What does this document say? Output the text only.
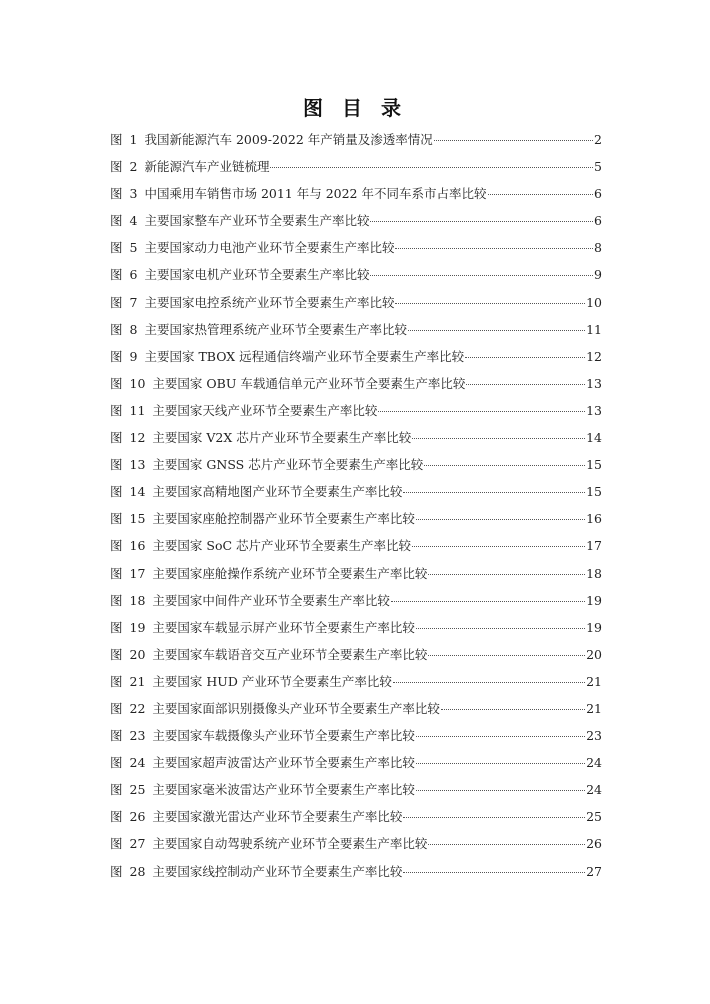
图 目 录
图 1 我国新能源汽车 2009-2022 年产销量及渗透率情况	2
图 2 新能源汽车产业链梳理	5
图 3 中国乘用车销售市场 2011 年与 2022 年不同车系市占率比较	6
图 4 主要国家整车产业环节全要素生产率比较	6
图 5 主要国家动力电池产业环节全要素生产率比较	8
图 6 主要国家电机产业环节全要素生产率比较	9
图 7 主要国家电控系统产业环节全要素生产率比较	10
图 8 主要国家热管理系统产业环节全要素生产率比较	11
图 9 主要国家 TBOX 远程通信终端产业环节全要素生产率比较	12
图 10 主要国家 OBU 车载通信单元产业环节全要素生产率比较	13
图 11 主要国家天线产业环节全要素生产率比较	13
图 12 主要国家 V2X 芯片产业环节全要素生产率比较	14
图 13 主要国家 GNSS 芯片产业环节全要素生产率比较	15
图 14 主要国家高精地图产业环节全要素生产率比较	15
图 15 主要国家座舱控制器产业环节全要素生产率比较	16
图 16 主要国家 SoC 芯片产业环节全要素生产率比较	17
图 17 主要国家座舱操作系统产业环节全要素生产率比较	18
图 18 主要国家中间件产业环节全要素生产率比较	19
图 19 主要国家车载显示屏产业环节全要素生产率比较	19
图 20 主要国家车载语音交互产业环节全要素生产率比较	20
图 21 主要国家 HUD 产业环节全要素生产率比较	21
图 22 主要国家面部识别摄像头产业环节全要素生产率比较	21
图 23 主要国家车载摄像头产业环节全要素生产率比较	23
图 24 主要国家超声波雷达产业环节全要素生产率比较	24
图 25 主要国家毫米波雷达产业环节全要素生产率比较	24
图 26 主要国家激光雷达产业环节全要素生产率比较	25
图 27 主要国家自动驾驶系统产业环节全要素生产率比较	26
图 28 主要国家线控制动产业环节全要素生产率比较	27
